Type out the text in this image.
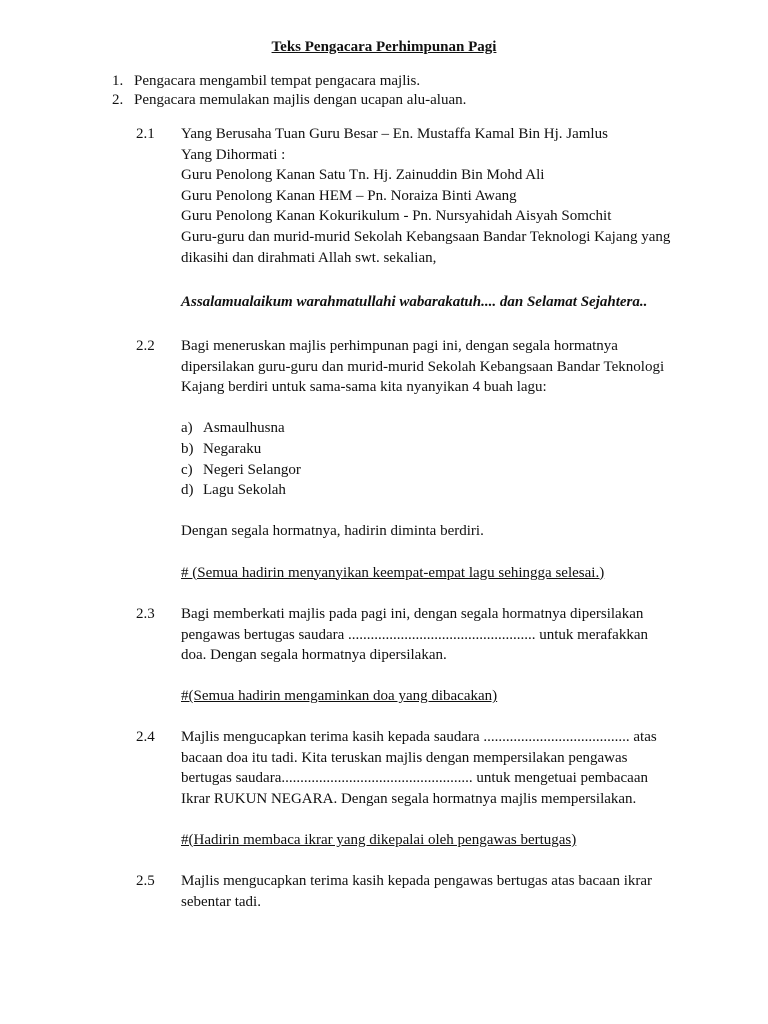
Teks Pengacara Perhimpunan Pagi
1. Pengacara mengambil tempat pengacara majlis.
2. Pengacara memulakan majlis dengan ucapan alu-aluan.
2.1 Yang Berusaha Tuan Guru Besar – En. Mustaffa Kamal Bin Hj. Jamlus
Yang Dihormati :
Guru Penolong Kanan Satu Tn. Hj. Zainuddin Bin Mohd Ali
Guru Penolong Kanan HEM – Pn. Noraiza Binti Awang
Guru Penolong Kanan Kokurikulum - Pn. Nursyahidah Aisyah Somchit
Guru-guru dan murid-murid Sekolah Kebangsaan Bandar Teknologi Kajang yang
dikasihi dan dirahmati Allah swt. sekalian,
Assalamualaikum warahmatullahi wabarakatuh.... dan Selamat Sejahtera..
2.2 Bagi meneruskan majlis perhimpunan pagi ini, dengan segala hormatnya
dipersilakan guru-guru dan murid-murid Sekolah Kebangsaan Bandar Teknologi
Kajang berdiri untuk sama-sama kita nyanyikan 4 buah lagu:
a) Asmaulhusna
b) Negaraku
c) Negeri Selangor
d) Lagu Sekolah
Dengan segala hormatnya, hadirin diminta berdiri.
# (Semua hadirin menyanyikan keempat-empat lagu sehingga selesai.)
2.3 Bagi memberkati majlis pada pagi ini, dengan segala hormatnya dipersilakan
pengawas bertugas saudara .................................................. untuk merafakkan
doa. Dengan segala hormatnya dipersilakan.
#(Semua hadirin mengaminkan doa yang dibacakan)
2.4 Majlis mengucapkan terima kasih kepada saudara ....................................... atas
bacaan doa itu tadi. Kita teruskan majlis dengan mempersilakan pengawas
bertugas saudara................................................... untuk mengetuai pembacaan
Ikrar RUKUN NEGARA. Dengan segala hormatnya majlis mempersilakan.
#(Hadirin membaca ikrar yang dikepalai oleh pengawas bertugas)
2.5 Majlis mengucapkan terima kasih kepada pengawas bertugas atas bacaan ikrar
sebentar tadi.
